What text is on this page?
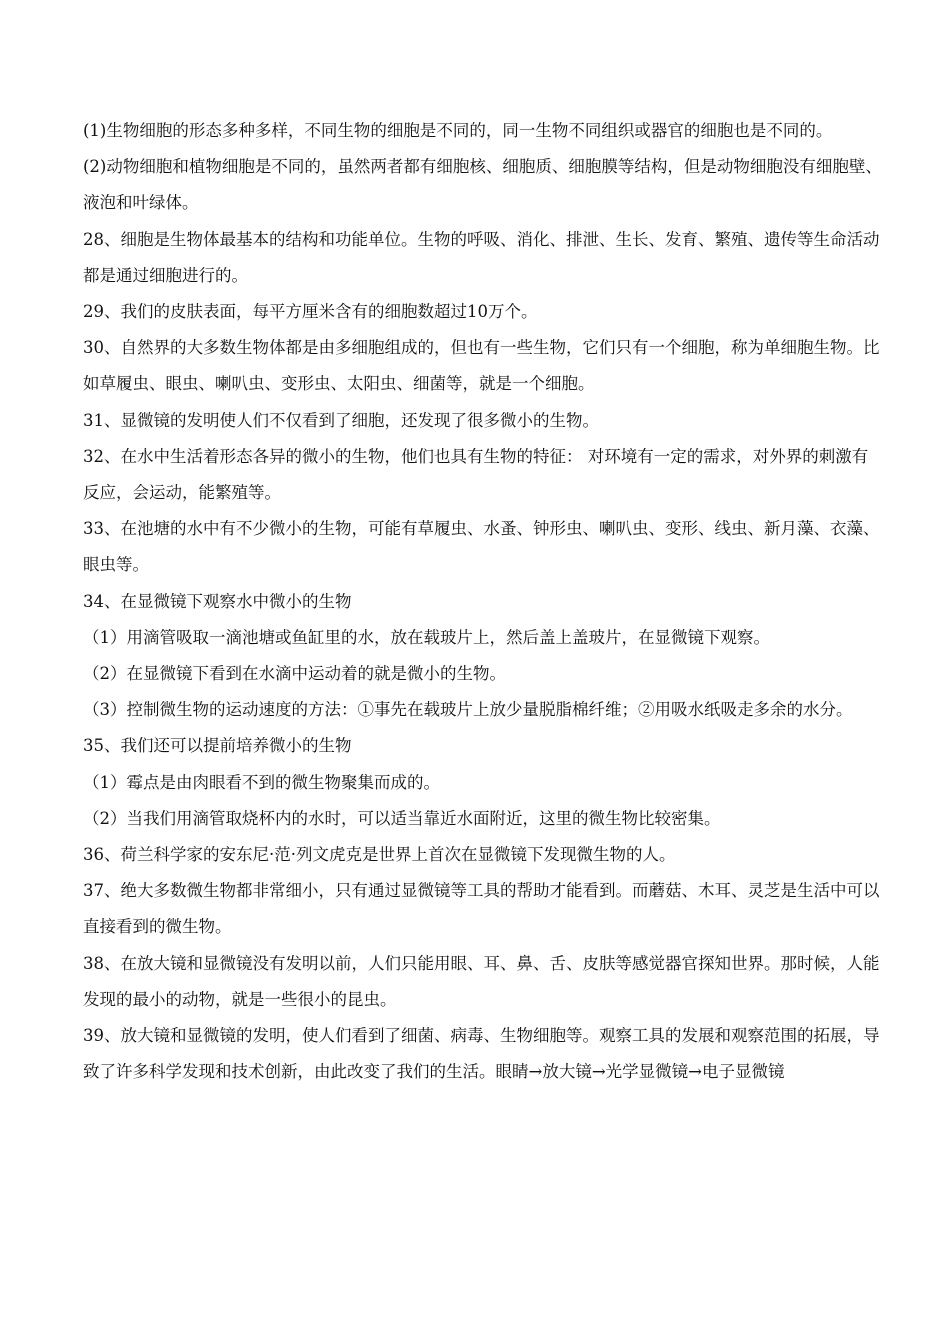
(1)生物细胞的形态多种多样，不同生物的细胞是不同的，同一生物不同组织或器官的细胞也是不同的。

(2)动物细胞和植物细胞是不同的，虽然两者都有细胞核、细胞质、细胞膜等结构，但是动物细胞没有细胞壁、液泡和叶绿体。

28、细胞是生物体最基本的结构和功能单位。生物的呼吸、消化、排泄、生长、发育、繁殖、遗传等生命活动都是通过细胞进行的。

29、我们的皮肤表面，每平方厘米含有的细胞数超过10万个。

30、自然界的大多数生物体都是由多细胞组成的，但也有一些生物，它们只有一个细胞，称为单细胞生物。比如草履虫、眼虫、喇叭虫、变形虫、太阳虫、细菌等，就是一个细胞。

31、显微镜的发明使人们不仅看到了细胞，还发现了很多微小的生物。

32、在水中生活着形态各异的微小的生物，他们也具有生物的特征： 对环境有一定的需求，对外界的刺激有反应，会运动，能繁殖等。

33、在池塘的水中有不少微小的生物，可能有草履虫、水蚤、钟形虫、喇叭虫、变形、线虫、新月藻、衣藻、眼虫等。

34、在显微镜下观察水中微小的生物

（1）用滴管吸取一滴池塘或鱼缸里的水，放在载玻片上，然后盖上盖玻片，在显微镜下观察。

（2）在显微镜下看到在水滴中运动着的就是微小的生物。

（3）控制微生物的运动速度的方法：①事先在载玻片上放少量脱脂棉纤维；②用吸水纸吸走多余的水分。

35、我们还可以提前培养微小的生物

（1）霉点是由肉眼看不到的微生物聚集而成的。

（2）当我们用滴管取烧杯内的水时，可以适当靠近水面附近，这里的微生物比较密集。

36、荷兰科学家的安东尼·范·列文虎克是世界上首次在显微镜下发现微生物的人。

37、绝大多数微生物都非常细小，只有通过显微镜等工具的帮助才能看到。而蘑菇、木耳、灵芝是生活中可以直接看到的微生物。

38、在放大镜和显微镜没有发明以前，人们只能用眼、耳、鼻、舌、皮肤等感觉器官探知世界。那时候，人能发现的最小的动物，就是一些很小的昆虫。

39、放大镜和显微镜的发明，使人们看到了细菌、病毒、生物细胞等。观察工具的发展和观察范围的拓展，导致了许多科学发现和技术创新，由此改变了我们的生活。眼睛→放大镜→光学显微镜→电子显微镜
